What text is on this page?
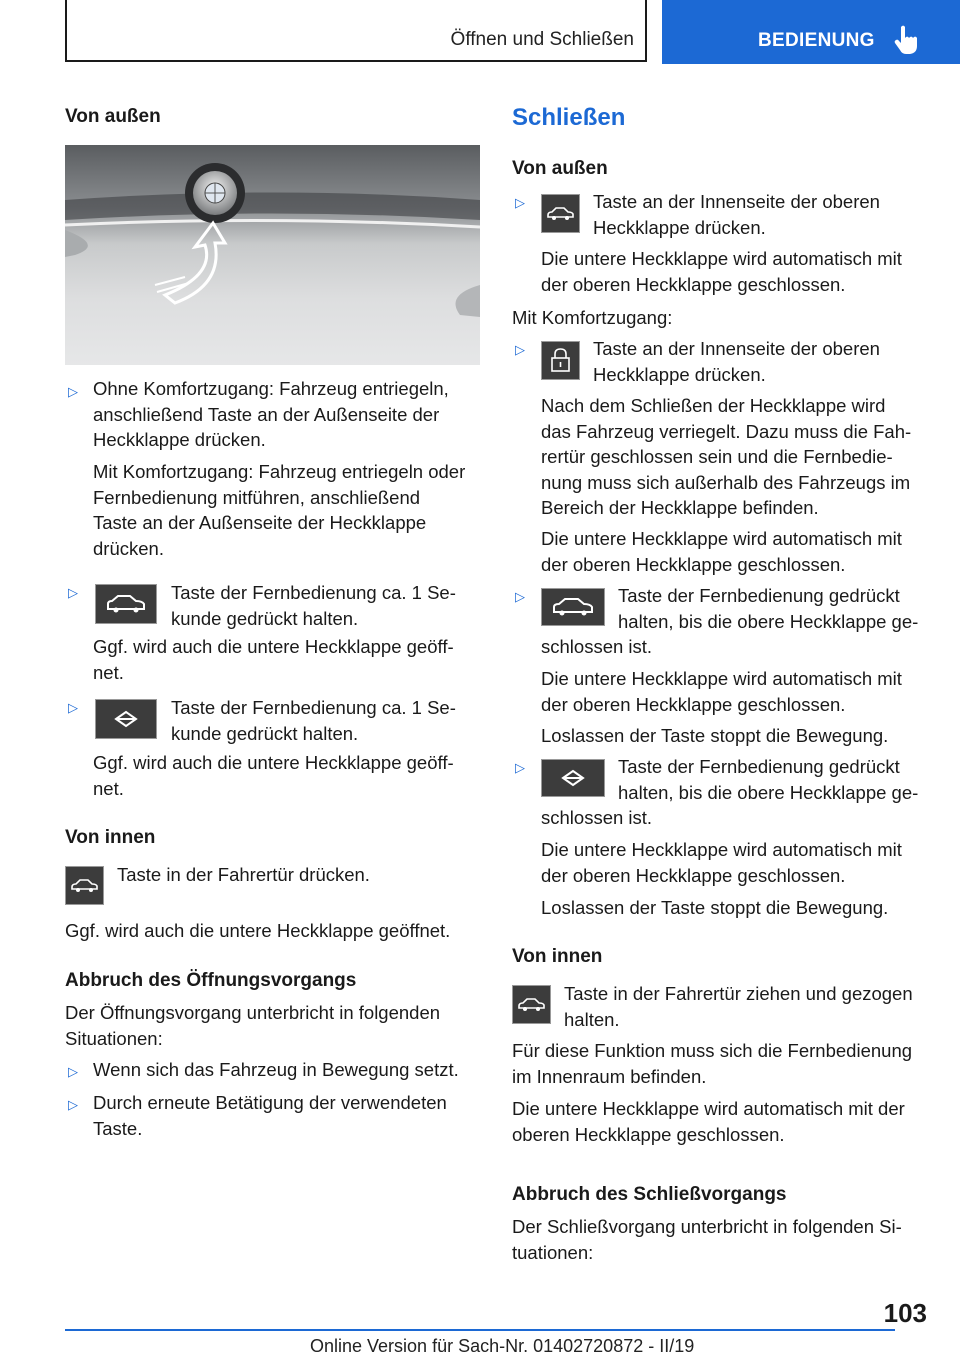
Öffnen und Schließen	BEDIENUNG
Von außen
▷ Ohne Komfortzugang: Fahrzeug entriegeln,
anschließend Taste an der Außenseite der
Heckklappe drücken.
Mit Komfortzugang: Fahrzeug entriegeln oder
Fernbedienung mitführen, anschließend
Taste an der Außenseite der Heckklappe
drücken.
▷	Taste der Fernbedienung ca. 1 Se-
kunde gedrückt halten.
Ggf. wird auch die untere Heckklappe geöff-
net.
▷	Taste der Fernbedienung ca. 1 Se-
kunde gedrückt halten.
Ggf. wird auch die untere Heckklappe geöff-
net.
Von innen
Taste in der Fahrertür drücken.
Ggf. wird auch die untere Heckklappe geöffnet.
Abbruch des Öffnungsvorgangs
Der Öffnungsvorgang unterbricht in folgenden
Situationen:
▷ Wenn sich das Fahrzeug in Bewegung setzt.
▷ Durch erneute Betätigung der verwendeten
Taste.
Schließen
Von außen
▷	Taste an der Innenseite der oberen
Heckklappe drücken.
Die untere Heckklappe wird automatisch mit
der oberen Heckklappe geschlossen.
Mit Komfortzugang:
▷	Taste an der Innenseite der oberen
Heckklappe drücken.
Nach dem Schließen der Heckklappe wird
das Fahrzeug verriegelt. Dazu muss die Fah-
rertür geschlossen sein und die Fernbedie-
nung muss sich außerhalb des Fahrzeugs im
Bereich der Heckklappe befinden.
Die untere Heckklappe wird automatisch mit
der oberen Heckklappe geschlossen.
▷	Taste der Fernbedienung gedrückt
halten, bis die obere Heckklappe ge-
schlossen ist.
Die untere Heckklappe wird automatisch mit
der oberen Heckklappe geschlossen.
Loslassen der Taste stoppt die Bewegung.
▷	Taste der Fernbedienung gedrückt
halten, bis die obere Heckklappe ge-
schlossen ist.
Die untere Heckklappe wird automatisch mit
der oberen Heckklappe geschlossen.
Loslassen der Taste stoppt die Bewegung.
Von innen
Taste in der Fahrertür ziehen und gezogen
halten.
Für diese Funktion muss sich die Fernbedienung
im Innenraum befinden.
Die untere Heckklappe wird automatisch mit der
oberen Heckklappe geschlossen.
Abbruch des Schließvorgangs
Der Schließvorgang unterbricht in folgenden Si-
tuationen:
103
Online Version für Sach-Nr. 01402720872 - II/19
